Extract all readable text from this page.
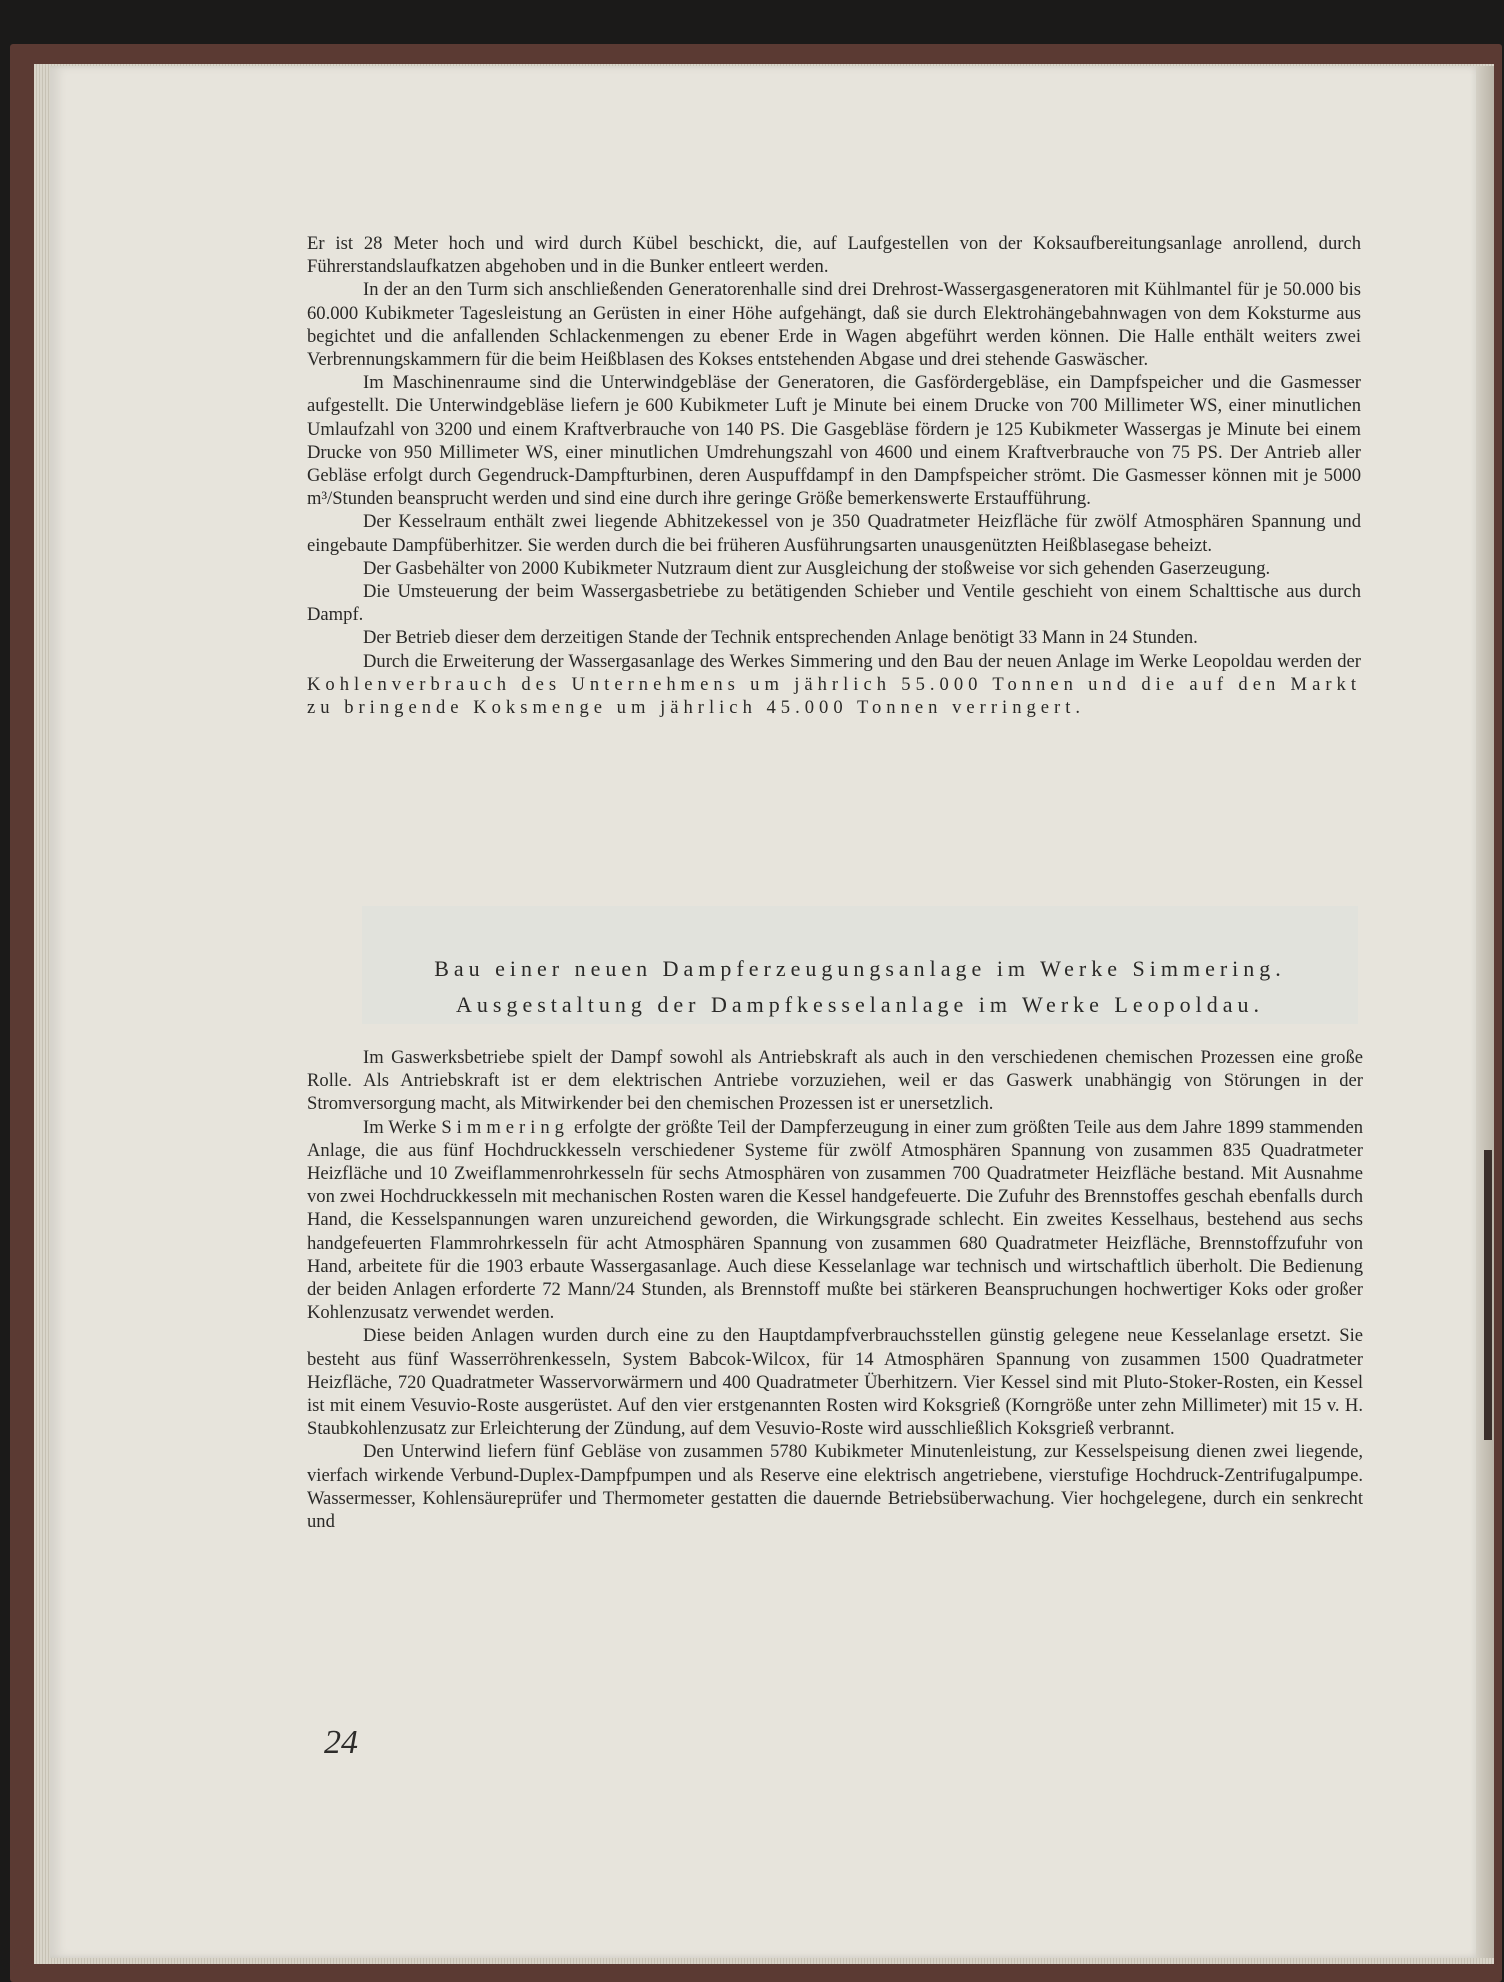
Er ist 28 Meter hoch und wird durch Kübel beschickt, die, auf Laufgestellen von der Koksaufbereitungsanlage anrollend, durch Führerstandslaufkatzen abgehoben und in die Bunker entleert werden.

In der an den Turm sich anschließenden Generatorenhalle sind drei Drehrost-Wassergasgeneratoren mit Kühlmantel für je 50.000 bis 60.000 Kubikmeter Tagesleistung an Gerüsten in einer Höhe aufgehängt, daß sie durch Elektrohängebahnwagen von dem Koksturme aus begichtet und die anfallenden Schlackenmengen zu ebener Erde in Wagen abgeführt werden können. Die Halle enthält weiters zwei Verbrennungskammern für die beim Heißblasen des Kokses entstehenden Abgase und drei stehende Gaswäscher.

Im Maschinenraume sind die Unterwindgebläse der Generatoren, die Gasfördergebläse, ein Dampfspeicher und die Gasmesser aufgestellt. Die Unterwindgebläse liefern je 600 Kubikmeter Luft je Minute bei einem Drucke von 700 Millimeter WS, einer minutlichen Umlaufzahl von 3200 und einem Kraftverbrauche von 140 PS. Die Gasgebläse fördern je 125 Kubikmeter Wassergas je Minute bei einem Drucke von 950 Millimeter WS, einer minutlichen Umdrehungszahl von 4600 und einem Kraftverbrauche von 75 PS. Der Antrieb aller Gebläse erfolgt durch Gegendruck-Dampfturbinen, deren Auspuffdampf in den Dampfspeicher strömt. Die Gasmesser können mit je 5000 m³/Stunden beansprucht werden und sind eine durch ihre geringe Größe bemerkenswerte Erstaufführung.

Der Kesselraum enthält zwei liegende Abhitzekessel von je 350 Quadratmeter Heizfläche für zwölf Atmosphären Spannung und eingebaute Dampfüberhitzer. Sie werden durch die bei früheren Ausführungsarten unausgenützten Heißblasegase beheizt.

Der Gasbehälter von 2000 Kubikmeter Nutzraum dient zur Ausgleichung der stoßweise vor sich gehenden Gaserzeugung.

Die Umsteuerung der beim Wassergasbetriebe zu betätigenden Schieber und Ventile geschieht von einem Schalttische aus durch Dampf.

Der Betrieb dieser dem derzeitigen Stande der Technik entsprechenden Anlage benötigt 33 Mann in 24 Stunden.

Durch die Erweiterung der Wassergasanlage des Werkes Simmering und den Bau der neuen Anlage im Werke Leopoldau werden der Kohlenverbrauch des Unternehmens um jährlich 55.000 Tonnen und die auf den Markt zu bringende Koksmenge um jährlich 45.000 Tonnen verringert.

Bau einer neuen Dampferzeugungsanlage im Werke Simmering.
Ausgestaltung der Dampfkesselanlage im Werke Leopoldau.

Im Gaswerksbetriebe spielt der Dampf sowohl als Antriebskraft als auch in den verschiedenen chemischen Prozessen eine große Rolle. Als Antriebskraft ist er dem elektrischen Antriebe vorzuziehen, weil er das Gaswerk unabhängig von Störungen in der Stromversorgung macht, als Mitwirkender bei den chemischen Prozessen ist er unersetzlich.

Im Werke Simmering erfolgte der größte Teil der Dampferzeugung in einer zum größten Teile aus dem Jahre 1899 stammenden Anlage, die aus fünf Hochdruckkesseln verschiedener Systeme für zwölf Atmosphären Spannung von zusammen 835 Quadratmeter Heizfläche und 10 Zweiflammenrohrkesseln für sechs Atmosphären von zusammen 700 Quadratmeter Heizfläche bestand. Mit Ausnahme von zwei Hochdruckkesseln mit mechanischen Rosten waren die Kessel handgefeuerte. Die Zufuhr des Brennstoffes geschah ebenfalls durch Hand, die Kesselspannungen waren unzureichend geworden, die Wirkungsgrade schlecht. Ein zweites Kesselhaus, bestehend aus sechs handgefeuerten Flammrohrkesseln für acht Atmosphären Spannung von zusammen 680 Quadratmeter Heizfläche, Brennstoffzufuhr von Hand, arbeitete für die 1903 erbaute Wassergasanlage. Auch diese Kesselanlage war technisch und wirtschaftlich überholt. Die Bedienung der beiden Anlagen erforderte 72 Mann/24 Stunden, als Brennstoff mußte bei stärkeren Beanspruchungen hochwertiger Koks oder großer Kohlenzusatz verwendet werden.

Diese beiden Anlagen wurden durch eine zu den Hauptdampfverbrauchsstellen günstig gelegene neue Kesselanlage ersetzt. Sie besteht aus fünf Wasserröhrenkesseln, System Babcok-Wilcox, für 14 Atmosphären Spannung von zusammen 1500 Quadratmeter Heizfläche, 720 Quadratmeter Wasservorwärmern und 400 Quadratmeter Überhitzern. Vier Kessel sind mit Pluto-Stoker-Rosten, ein Kessel ist mit einem Vesuvio-Roste ausgerüstet. Auf den vier erstgenannten Rosten wird Koksgrieß (Korngröße unter zehn Millimeter) mit 15 v. H. Staubkohlenzusatz zur Erleichterung der Zündung, auf dem Vesuvio-Roste wird ausschließlich Koksgrieß verbrannt.

Den Unterwind liefern fünf Gebläse von zusammen 5780 Kubikmeter Minutenleistung, zur Kesselspeisung dienen zwei liegende, vierfach wirkende Verbund-Duplex-Dampfpumpen und als Reserve eine elektrisch angetriebene, vierstufige Hochdruck-Zentrifugalpumpe. Wassermesser, Kohlensäureprüfer und Thermometer gestatten die dauernde Betriebsüberwachung. Vier hochgelegene, durch ein senkrecht und

24
